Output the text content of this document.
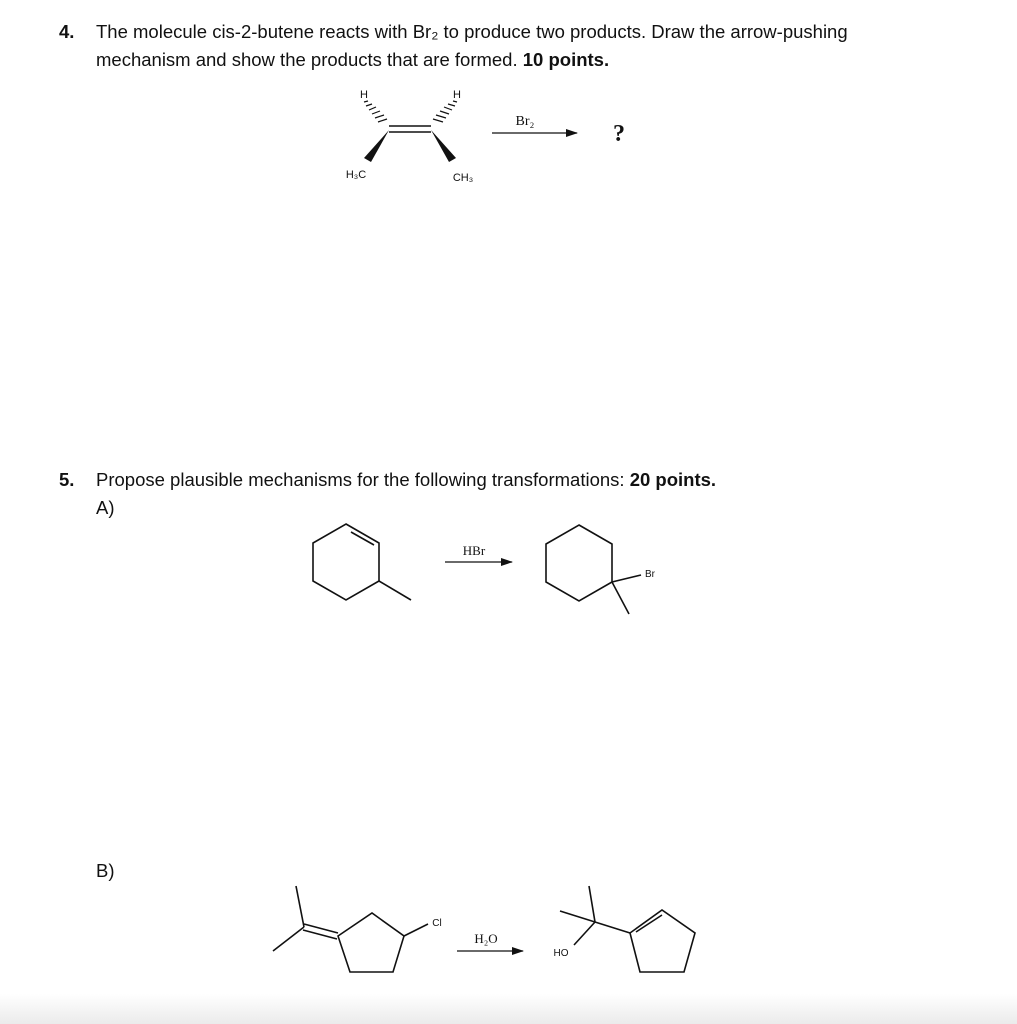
4. The molecule cis-2-butene reacts with Br₂ to produce two products. Draw the arrow-pushing
mechanism and show the products that are formed. 10 points.
5. Propose plausible mechanisms for the following transformations: 20 points.
A)
B)
H	H
H₃C	CH₃
Br₂	?
HBr
Br
Cl
H₂O
HO
